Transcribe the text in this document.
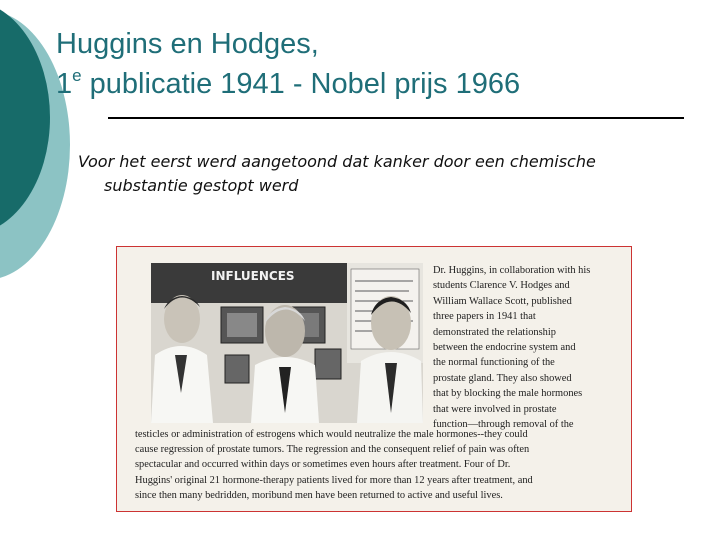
Huggins en Hodges,
1e publicatie 1941 - Nobel prijs 1966
Voor het eerst werd aangetoond dat kanker door een chemische
substantie gestopt werd
INFLUENCES	Dr. Huggins, in collaboration with his
students Clarence V. Hodges and
William Wallace Scott, published
three papers in 1941 that
demonstrated the relationship
between the endocrine system and
the normal functioning of the
prostate gland. They also showed
that by blocking the male hormones
that were involved in prostate
function—through removal of the
testicles or administration of estrogens which would neutralize the male hormones--they could
cause regression of prostate tumors. The regression and the consequent relief of pain was often
spectacular and occurred within days or sometimes even hours after treatment. Four of Dr.
Huggins' original 21 hormone-therapy patients lived for more than 12 years after treatment, and
since then many bedridden, moribund men have been returned to active and useful lives.
